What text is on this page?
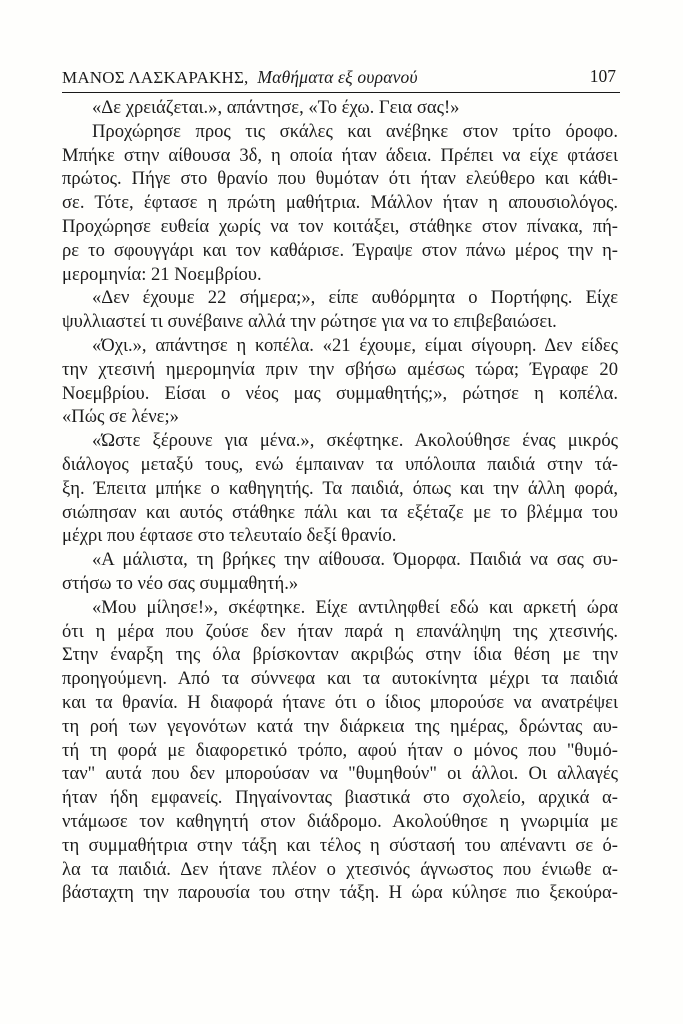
ΜΑΝΟΣ ΛΑΣΚΑΡΑΚΗΣ, Μαθήματα εξ ουρανού	107
«Δε χρειάζεται.», απάντησε, «Το έχω. Γεια σας!»
Προχώρησε προς τις σκάλες και ανέβηκε στον τρίτο όροφο.
Μπήκε στην αίθουσα 3δ, η οποία ήταν άδεια. Πρέπει να είχε φτάσει
πρώτος. Πήγε στο θρανίο που θυμόταν ότι ήταν ελεύθερο και κάθι-
σε. Τότε, έφτασε η πρώτη μαθήτρια. Μάλλον ήταν η απουσιολόγος.
Προχώρησε ευθεία χωρίς να τον κοιτάξει, στάθηκε στον πίνακα, πή-
ρε το σφουγγάρι και τον καθάρισε. Έγραψε στον πάνω μέρος την η-
μερομηνία: 21 Νοεμβρίου.
«Δεν έχουμε 22 σήμερα;», είπε αυθόρμητα ο Πορτήφης. Είχε
ψυλλιαστεί τι συνέβαινε αλλά την ρώτησε για να το επιβεβαιώσει.
«Όχι.», απάντησε η κοπέλα. «21 έχουμε, είμαι σίγουρη. Δεν είδες
την χτεσινή ημερομηνία πριν την σβήσω αμέσως τώρα; Έγραφε 20
Νοεμβρίου. Είσαι ο νέος μας συμμαθητής;», ρώτησε η κοπέλα.
«Πώς σε λένε;»
«Ώστε ξέρουνε για μένα.», σκέφτηκε. Ακολούθησε ένας μικρός
διάλογος μεταξύ τους, ενώ έμπαιναν τα υπόλοιπα παιδιά στην τά-
ξη. Έπειτα μπήκε ο καθηγητής. Τα παιδιά, όπως και την άλλη φορά,
σιώπησαν και αυτός στάθηκε πάλι και τα εξέταζε με το βλέμμα του
μέχρι που έφτασε στο τελευταίο δεξί θρανίο.
«Α μάλιστα, τη βρήκες την αίθουσα. Όμορφα. Παιδιά να σας συ-
στήσω το νέο σας συμμαθητή.»
«Μου μίλησε!», σκέφτηκε. Είχε αντιληφθεί εδώ και αρκετή ώρα
ότι η μέρα που ζούσε δεν ήταν παρά η επανάληψη της χτεσινής.
Στην έναρξη της όλα βρίσκονταν ακριβώς στην ίδια θέση με την
προηγούμενη. Από τα σύννεφα και τα αυτοκίνητα μέχρι τα παιδιά
και τα θρανία. Η διαφορά ήτανε ότι ο ίδιος μπορούσε να ανατρέψει
τη ροή των γεγονότων κατά την διάρκεια της ημέρας, δρώντας αυ-
τή τη φορά με διαφορετικό τρόπο, αφού ήταν ο μόνος που "θυμό-
ταν" αυτά που δεν μπορούσαν να "θυμηθούν" οι άλλοι. Οι αλλαγές
ήταν ήδη εμφανείς. Πηγαίνοντας βιαστικά στο σχολείο, αρχικά α-
ντάμωσε τον καθηγητή στον διάδρομο. Ακολούθησε η γνωριμία με
τη συμμαθήτρια στην τάξη και τέλος η σύστασή του απέναντι σε ό-
λα τα παιδιά. Δεν ήτανε πλέον ο χτεσινός άγνωστος που ένιωθε α-
βάσταχτη την παρουσία του στην τάξη. Η ώρα κύλησε πιο ξεκούρα-
